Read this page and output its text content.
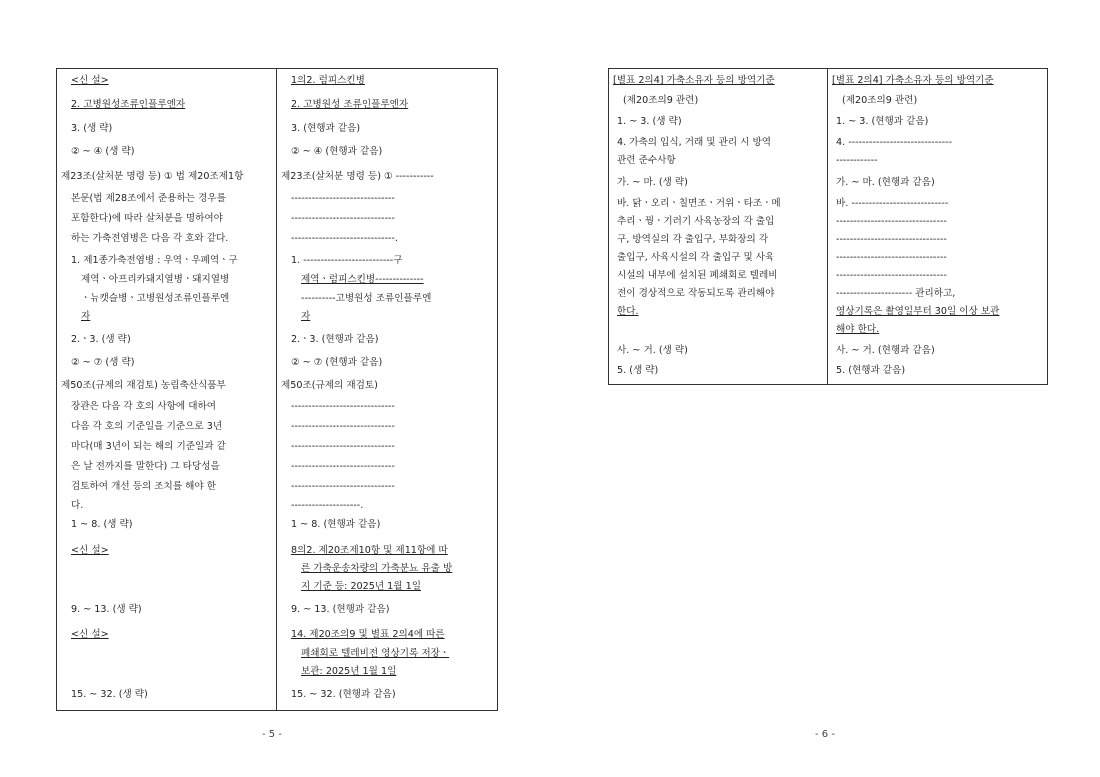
<신 설>
2. 고병원성조류인플루엔자
3. (생 략)
② ~ ④ (생 략)
제23조(살처분 명령 등) ① 법 제20조제1항
본문(법 제28조에서 준용하는 경우를
포함한다)에 따라 살처분을 명하여야
하는 가축전염병은 다음 각 호와 같다.
1. 제1종가축전염병 : 우역ㆍ우폐역ㆍ구
제역ㆍ아프리카돼지열병ㆍ돼지열병
ㆍ뉴캣슬병ㆍ고병원성조류인플루엔
자
2.ㆍ3. (생 략)
② ~ ⑦ (생 략)
제50조(규제의 재검토) 농림축산식품부
장관은 다음 각 호의 사항에 대하여
다음 각 호의 기준일을 기준으로 3년
마다(매 3년이 되는 해의 기준일과 같
은 날 전까지를 말한다) 그 타당성을
검토하여 개선 등의 조치를 해야 한
다.
1 ~ 8. (생 략)
<신 설>
9. ~ 13. (생 략)
<신 설>
15. ~ 32. (생 략)
1의2. 럼피스킨병
2. 고병원성 조류인플루엔자
3. (현행과 같음)
② ~ ④ (현행과 같음)
제23조(살처분 명령 등) ① -----------
------------------------------
------------------------------
------------------------------.
1. --------------------------구
제역ㆍ럼피스킨병--------------
----------고병원성 조류인플루엔
자
2.ㆍ3. (현행과 같음)
② ~ ⑦ (현행과 같음)
제50조(규제의 재검토)
------------------------------
------------------------------
------------------------------
------------------------------
------------------------------
--------------------.
1 ~ 8. (현행과 같음)
8의2. 제20조제10항 및 제11항에 따
른 가축운송차량의 가축분뇨 유출 방
지 기준 등: 2025년 1월 1일
9. ~ 13. (현행과 같음)
14. 제20조의9 및 별표 2의4에 따른
폐쇄회로 텔레비전 영상기록 저장ㆍ
보관: 2025년 1월 1일
15. ~ 32. (현행과 같음)
- 5 -
[별표 2의4] 가축소유자 등의 방역기준
(제20조의9 관련)
1. ~ 3. (생 략)
4. 가축의 입식, 거래 및 관리 시 방역
관련 준수사항
가. ~ 마. (생 략)
바. 닭ㆍ오리ㆍ칠면조ㆍ거위ㆍ타조ㆍ메
추리ㆍ꿩ㆍ기러기 사육농장의 각 출입
구, 방역실의 각 출입구, 부화장의 각
출입구, 사육시설의 각 출입구 및 사육
시설의 내부에 설치된 폐쇄회로 텔레비
전이 경상적으로 작동되도록 관리해야
한다.
사. ~ 거. (생 략)
5. (생 략)
[별표 2의4] 가축소유자 등의 방역기준
(제20조의9 관련)
1. ~ 3. (현행과 같음)
4. ------------------------------
------------
가. ~ 마. (현행과 같음)
바. ----------------------------
--------------------------------
--------------------------------
--------------------------------
--------------------------------
---------------------- 관리하고,
영상기록은 촬영일부터 30일 이상 보관
해야 한다.
사. ~ 거. (현행과 같음)
5. (현행과 같음)
- 6 -
